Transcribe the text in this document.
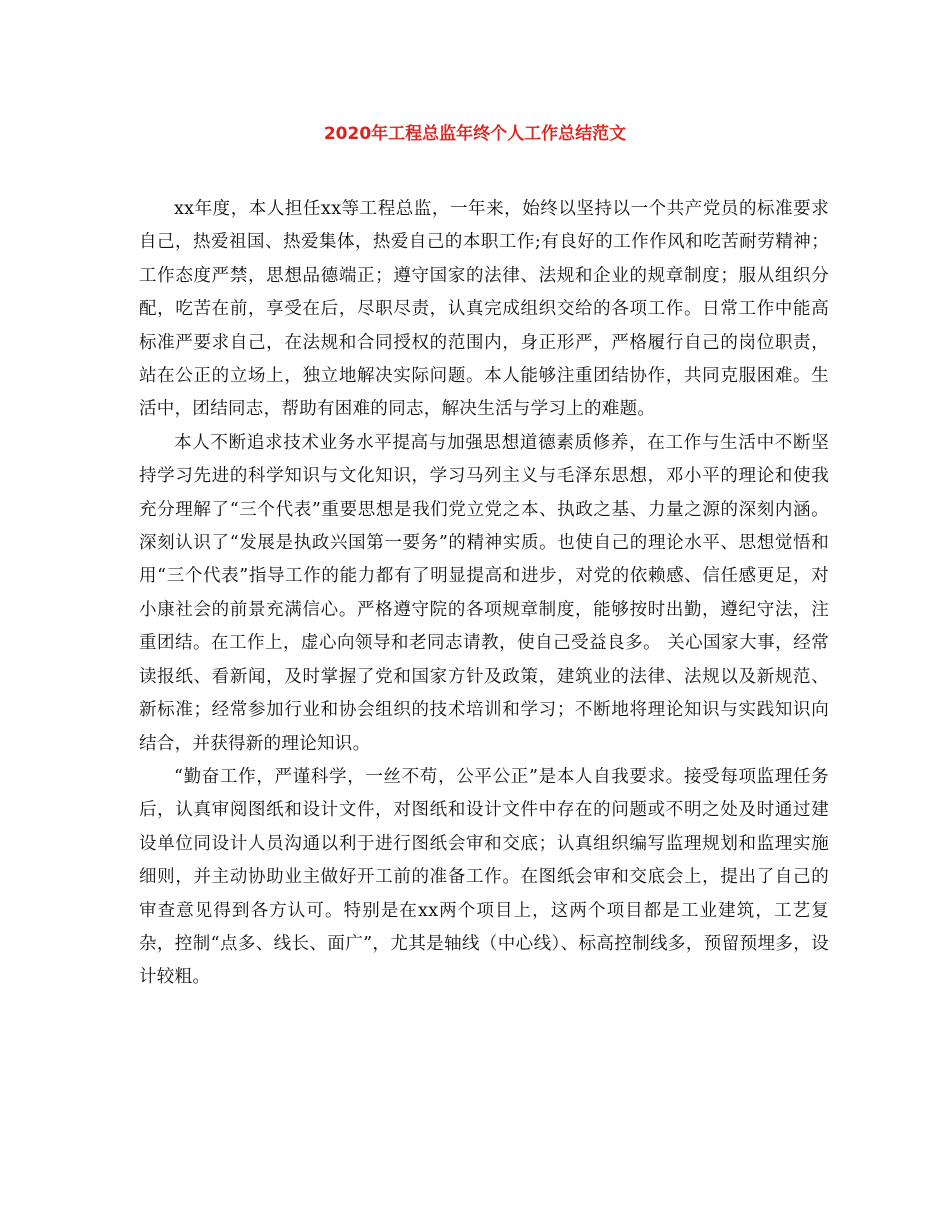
2020年工程总监年终个人工作总结范文

xx年度，本人担任xx等工程总监，一年来，始终以坚持以一个共产党员的标准要求自己，热爱祖国、热爱集体，热爱自己的本职工作;有良好的工作作风和吃苦耐劳精神；工作态度严禁，思想品德端正；遵守国家的法律、法规和企业的规章制度；服从组织分配，吃苦在前，享受在后，尽职尽责，认真完成组织交给的各项工作。日常工作中能高标准严要求自己，在法规和合同授权的范围内，身正形严，严格履行自己的岗位职责，站在公正的立场上，独立地解决实际问题。本人能够注重团结协作，共同克服困难。生活中，团结同志，帮助有困难的同志，解决生活与学习上的难题。

本人不断追求技术业务水平提高与加强思想道德素质修养，在工作与生活中不断坚持学习先进的科学知识与文化知识，学习马列主义与毛泽东思想，邓小平的理论和使我充分理解了“三个代表”重要思想是我们党立党之本、执政之基、力量之源的深刻内涵。深刻认识了“发展是执政兴国第一要务”的精神实质。也使自己的理论水平、思想觉悟和用“三个代表”指导工作的能力都有了明显提高和进步，对党的依赖感、信任感更足，对小康社会的前景充满信心。严格遵守院的各项规章制度，能够按时出勤，遵纪守法，注重团结。在工作上，虚心向领导和老同志请教，使自己受益良多。 关心国家大事，经常读报纸、看新闻，及时掌握了党和国家方针及政策，建筑业的法律、法规以及新规范、新标准；经常参加行业和协会组织的技术培训和学习；不断地将理论知识与实践知识向结合，并获得新的理论知识。

“勤奋工作，严谨科学，一丝不苟，公平公正”是本人自我要求。接受每项监理任务后，认真审阅图纸和设计文件，对图纸和设计文件中存在的问题或不明之处及时通过建设单位同设计人员沟通以利于进行图纸会审和交底；认真组织编写监理规划和监理实施细则，并主动协助业主做好开工前的准备工作。在图纸会审和交底会上，提出了自己的审查意见得到各方认可。特别是在xx两个项目上，这两个项目都是工业建筑，工艺复杂，控制“点多、线长、面广”，尤其是轴线（中心线）、标高控制线多，预留预埋多，设计较粗。
